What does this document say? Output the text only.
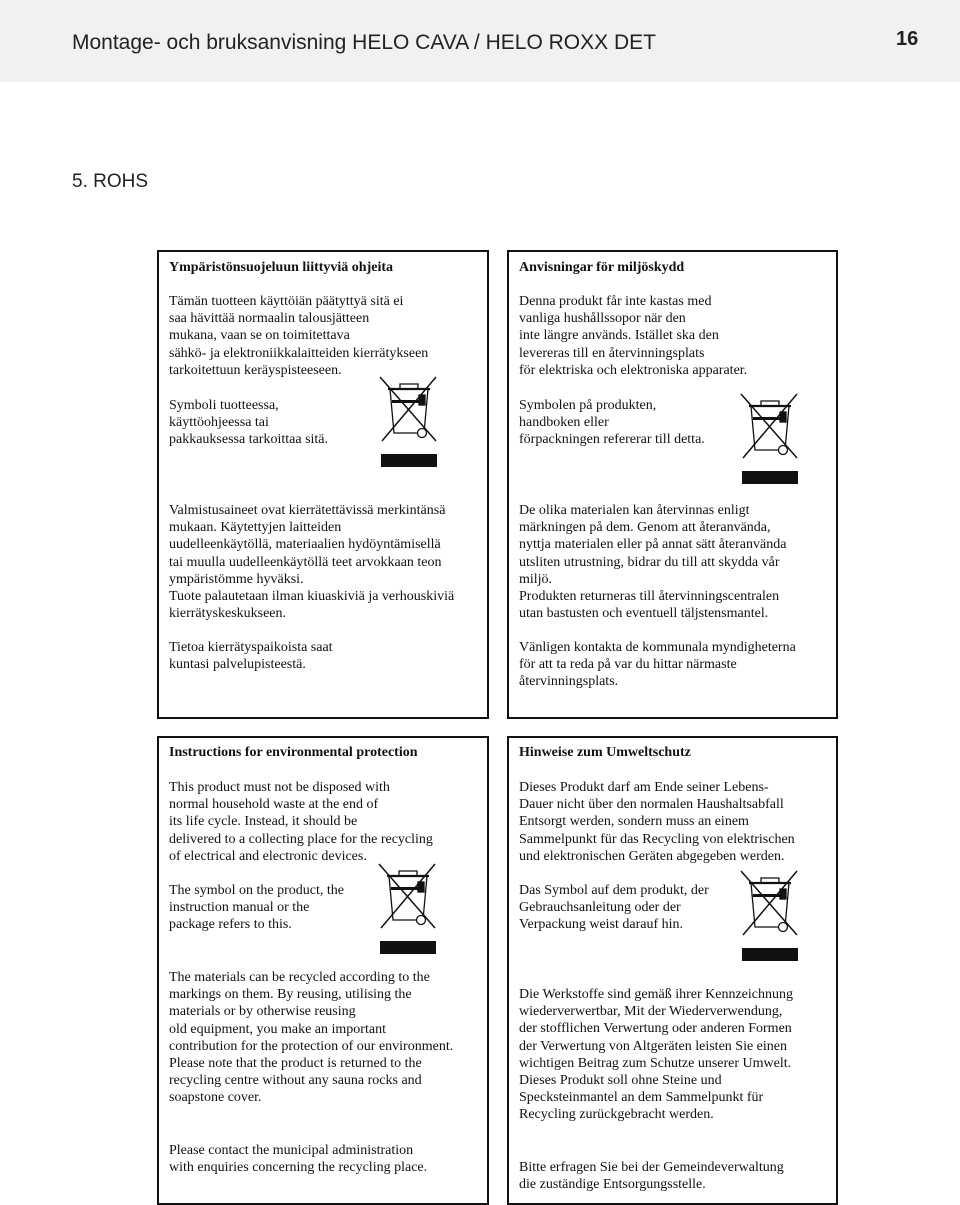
Montage- och bruksanvisning HELO CAVA / HELO ROXX DET	16
5. ROHS
Ympäristönsuojeluun liittyviä ohjeita

Tämän tuotteen käyttöiän päätyttyä sitä ei
saa hävittää normaalin talousjätteen
mukana, vaan se on toimitettava
sähkö- ja elektroniikkalaitteiden kierrätykseen
tarkoitettuun keräyspisteeseen.

Symboli tuotteessa,
käyttöohjeessa tai
pakkauksessa tarkoittaa sitä.

Valmistusaineet ovat kierrätettävissä merkintänsä
mukaan. Käytettyjen laitteiden
uudelleenkäytöllä, materiaalien hydöyntämisellä
tai muulla uudelleenkäytöllä teet arvokkaan teon
ympäristömme hyväksi.
Tuote palautetaan ilman kiuaskiviä ja verhouskiviä
kierrätyskeskukseen.

Tietoa kierrätyspaikoista saat
kuntasi palvelupisteestä.

Anvisningar för miljöskydd

Denna produkt får inte kastas med
vanliga hushållssopor när den
inte längre används. Istället ska den
levereras till en återvinningsplats
för elektriska och elektroniska apparater.

Symbolen på produkten,
handboken eller
förpackningen refererar till detta.

De olika materialen kan återvinnas enligt
märkningen på dem. Genom att återanvända,
nyttja materialen eller på annat sätt återanvända
utsliten utrustning, bidrar du till att skydda vår
miljö.
Produkten returneras till återvinningscentralen
utan bastusten och eventuell täljstensmantel.

Vänligen kontakta de kommunala myndigheterna
för att ta reda på var du hittar närmaste
återvinningsplats.

Instructions for environmental protection

This product must not be disposed with
normal household waste at the end of
its life cycle. Instead, it should be
delivered to a collecting place for the recycling
of electrical and electronic devices.

The symbol on the product, the
instruction manual or the
package refers to this.

The materials can be recycled according to the
markings on them. By reusing, utilising the
materials or by otherwise reusing
old equipment, you make an important
contribution for the protection of our environment.
Please note that the product is returned to the
recycling centre without any sauna rocks and
soapstone cover.

Please contact the municipal administration
with enquiries concerning the recycling place.

Hinweise zum Umweltschutz

Dieses Produkt darf am Ende seiner Lebens-
Dauer nicht über den normalen Haushaltsabfall
Entsorgt werden, sondern muss an einem
Sammelpunkt für das Recycling von elektrischen
und elektronischen Geräten abgegeben werden.

Das Symbol auf dem produkt, der
Gebrauchsanleitung oder der
Verpackung weist darauf hin.

Die Werkstoffe sind gemäß ihrer Kennzeichnung
wiederverwertbar, Mit der Wiederverwendung,
der stofflichen Verwertung oder anderen Formen
der Verwertung von Altgeräten leisten Sie einen
wichtigen Beitrag zum Schutze unserer Umwelt.
Dieses Produkt soll ohne Steine und
Specksteinmantel an dem Sammelpunkt für
Recycling zurückgebracht werden.

Bitte erfragen Sie bei der Gemeindeverwaltung
die zuständige Entsorgungsstelle.
